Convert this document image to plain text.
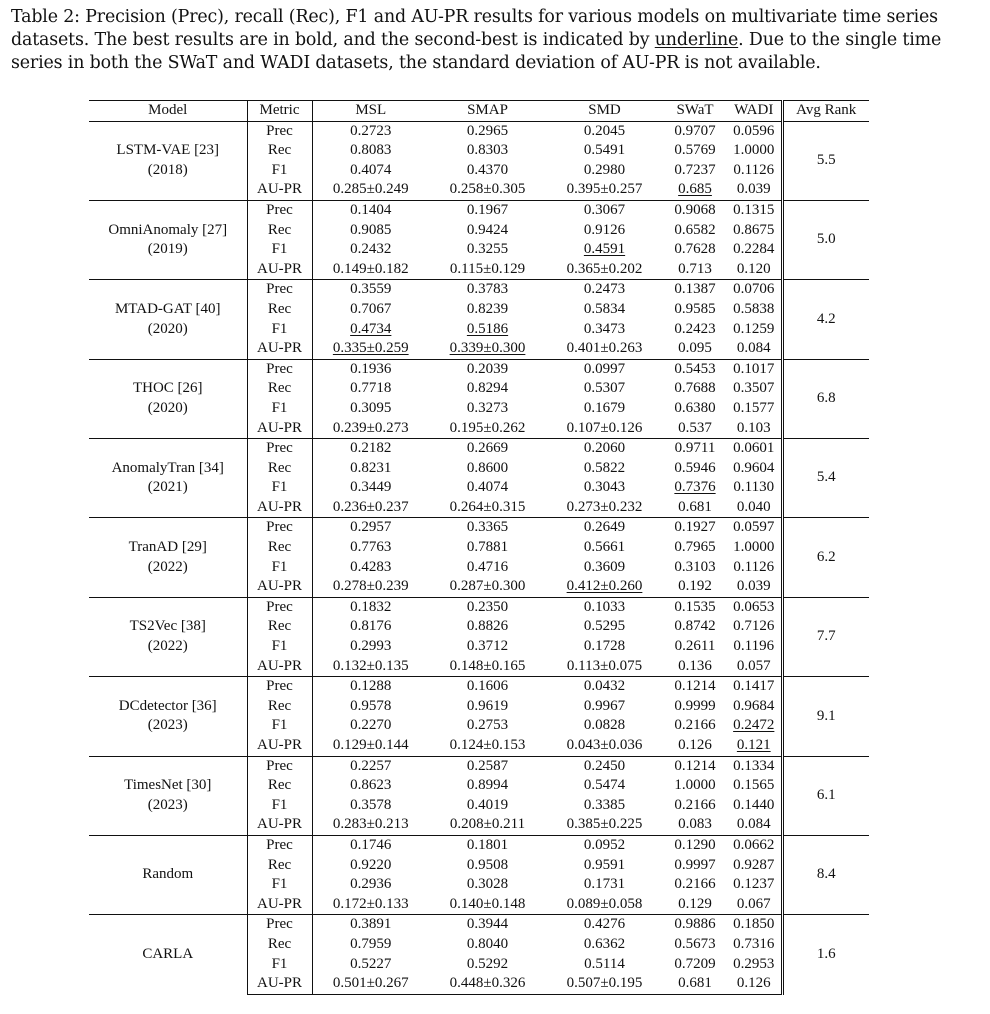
Table 2: Precision (Prec), recall (Rec), F1 and AU-PR results for various models on multivariate time series datasets. The best results are in bold, and the second-best is indicated by underline. Due to the single time series in both the SWaT and WADI datasets, the standard deviation of AU-PR is not available.
Model	Metric	MSL	SMAP	SMD	SWaT	WADI	Avg Rank

LSTM-VAE [23]
(2018)	Prec	0.2723	0.2965	0.2045	0.9707	0.0596	5.5
	Rec	0.8083	0.8303	0.5491	0.5769	1.0000	
	F1	0.4074	0.4370	0.2980	0.7237	0.1126	
	AU-PR	0.285±0.249	0.258±0.305	0.395±0.257	0.685	0.039	

OmniAnomaly [27]
(2019)	Prec	0.1404	0.1967	0.3067	0.9068	0.1315	5.0
	Rec	0.9085	0.9424	0.9126	0.6582	0.8675	
	F1	0.2432	0.3255	0.4591	0.7628	0.2284	
	AU-PR	0.149±0.182	0.115±0.129	0.365±0.202	0.713	0.120	

MTAD-GAT [40]
(2020)	Prec	0.3559	0.3783	0.2473	0.1387	0.0706	4.2
	Rec	0.7067	0.8239	0.5834	0.9585	0.5838	
	F1	0.4734	0.5186	0.3473	0.2423	0.1259	
	AU-PR	0.335±0.259	0.339±0.300	0.401±0.263	0.095	0.084	

THOC [26]
(2020)	Prec	0.1936	0.2039	0.0997	0.5453	0.1017	6.8
	Rec	0.7718	0.8294	0.5307	0.7688	0.3507	
	F1	0.3095	0.3273	0.1679	0.6380	0.1577	
	AU-PR	0.239±0.273	0.195±0.262	0.107±0.126	0.537	0.103	

AnomalyTran [34]
(2021)	Prec	0.2182	0.2669	0.2060	0.9711	0.0601	5.4
	Rec	0.8231	0.8600	0.5822	0.5946	0.9604	
	F1	0.3449	0.4074	0.3043	0.7376	0.1130	
	AU-PR	0.236±0.237	0.264±0.315	0.273±0.232	0.681	0.040	

TranAD [29]
(2022)	Prec	0.2957	0.3365	0.2649	0.1927	0.0597	6.2
	Rec	0.7763	0.7881	0.5661	0.7965	1.0000	
	F1	0.4283	0.4716	0.3609	0.3103	0.1126	
	AU-PR	0.278±0.239	0.287±0.300	0.412±0.260	0.192	0.039	

TS2Vec [38]
(2022)	Prec	0.1832	0.2350	0.1033	0.1535	0.0653	7.7
	Rec	0.8176	0.8826	0.5295	0.8742	0.7126	
	F1	0.2993	0.3712	0.1728	0.2611	0.1196	
	AU-PR	0.132±0.135	0.148±0.165	0.113±0.075	0.136	0.057	

DCdetector [36]
(2023)	Prec	0.1288	0.1606	0.0432	0.1214	0.1417	9.1
	Rec	0.9578	0.9619	0.9967	0.9999	0.9684	
	F1	0.2270	0.2753	0.0828	0.2166	0.2472	
	AU-PR	0.129±0.144	0.124±0.153	0.043±0.036	0.126	0.121	

TimesNet [30]
(2023)	Prec	0.2257	0.2587	0.2450	0.1214	0.1334	6.1
	Rec	0.8623	0.8994	0.5474	1.0000	0.1565	
	F1	0.3578	0.4019	0.3385	0.2166	0.1440	
	AU-PR	0.283±0.213	0.208±0.211	0.385±0.225	0.083	0.084	

Random	Prec	0.1746	0.1801	0.0952	0.1290	0.0662	8.4
	Rec	0.9220	0.9508	0.9591	0.9997	0.9287	
	F1	0.2936	0.3028	0.1731	0.2166	0.1237	
	AU-PR	0.172±0.133	0.140±0.148	0.089±0.058	0.129	0.067	

CARLA	Prec	0.3891	0.3944	0.4276	0.9886	0.1850	1.6
	Rec	0.7959	0.8040	0.6362	0.5673	0.7316	
	F1	0.5227	0.5292	0.5114	0.7209	0.2953	
	AU-PR	0.501±0.267	0.448±0.326	0.507±0.195	0.681	0.126	
